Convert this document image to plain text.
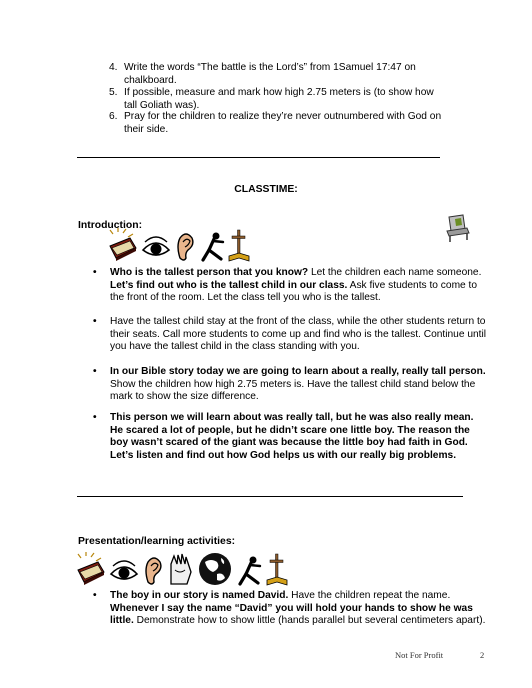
4. Write the words “The battle is the Lord’s” from 1Samuel 17:47 on chalkboard.
5. If possible, measure and mark how high 2.75 meters is (to show how tall Goliath was).
6. Pray for the children to realize they’re never outnumbered with God on their side.
CLASSTIME:
Introduction:

• Who is the tallest person that you know? Let the children each name someone. Let’s find out who is the tallest child in our class. Ask five students to come to the front of the room. Let the class tell you who is the tallest.
• Have the tallest child stay at the front of the class, while the other students return to their seats. Call more students to come up and find who is the tallest. Continue until you have the tallest child in the class standing with you.
• In our Bible story today we are going to learn about a really, really tall person. Show the children how high 2.75 meters is. Have the tallest child stand below the mark to show the size difference.
• This person we will learn about was really tall, but he was also really mean. He scared a lot of people, but he didn’t scare one little boy. The reason the boy wasn’t scared of the giant was because the little boy had faith in God. Let’s listen and find out how God helps us with our really big problems.
Presentation/learning activities:

• The boy in our story is named David. Have the children repeat the name. Whenever I say the name “David” you will hold your hands to show he was little. Demonstrate how to show little (hands parallel but several centimeters apart).
Not For Profit	2
